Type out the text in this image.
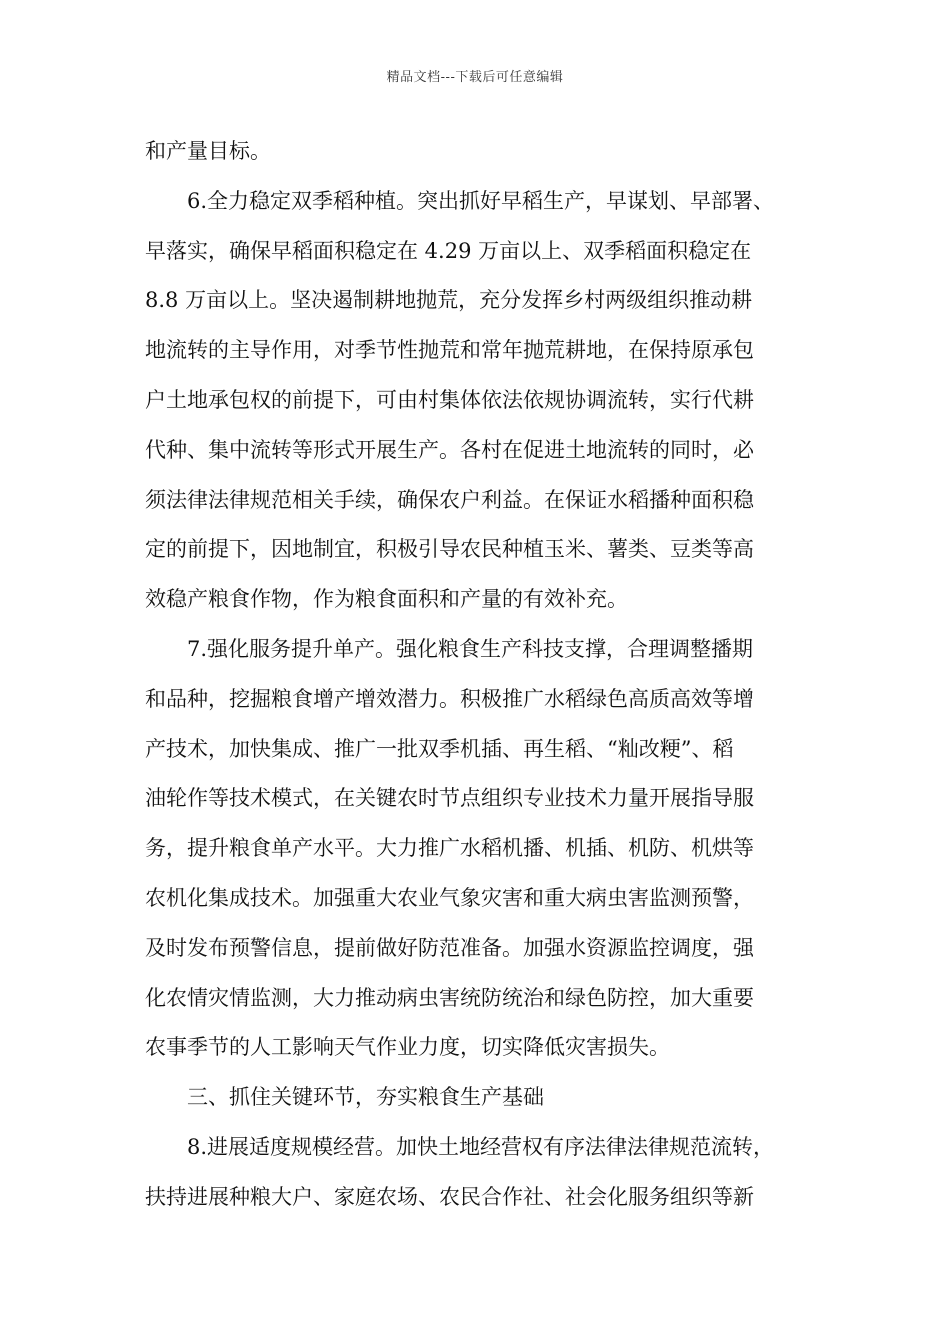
精品文档---下载后可任意编辑
和产量目标。
6.全力稳定双季稻种植。突出抓好早稻生产，早谋划、早部署、
早落实，确保早稻面积稳定在 4.29 万亩以上、双季稻面积稳定在
8.8 万亩以上。坚决遏制耕地抛荒，充分发挥乡村两级组织推动耕
地流转的主导作用，对季节性抛荒和常年抛荒耕地，在保持原承包
户土地承包权的前提下，可由村集体依法依规协调流转，实行代耕
代种、集中流转等形式开展生产。各村在促进土地流转的同时，必
须法律法律规范相关手续，确保农户利益。在保证水稻播种面积稳
定的前提下，因地制宜，积极引导农民种植玉米、薯类、豆类等高
效稳产粮食作物，作为粮食面积和产量的有效补充。
7.强化服务提升单产。强化粮食生产科技支撑，合理调整播期
和品种，挖掘粮食增产增效潜力。积极推广水稻绿色高质高效等增
产技术，加快集成、推广一批双季机插、再生稻、“籼改粳”、稻
油轮作等技术模式，在关键农时节点组织专业技术力量开展指导服
务，提升粮食单产水平。大力推广水稻机播、机插、机防、机烘等
农机化集成技术。加强重大农业气象灾害和重大病虫害监测预警，
及时发布预警信息，提前做好防范准备。加强水资源监控调度，强
化农情灾情监测，大力推动病虫害统防统治和绿色防控，加大重要
农事季节的人工影响天气作业力度，切实降低灾害损失。
三、抓住关键环节，夯实粮食生产基础
8.进展适度规模经营。加快土地经营权有序法律法律规范流转，
扶持进展种粮大户、家庭农场、农民合作社、社会化服务组织等新
